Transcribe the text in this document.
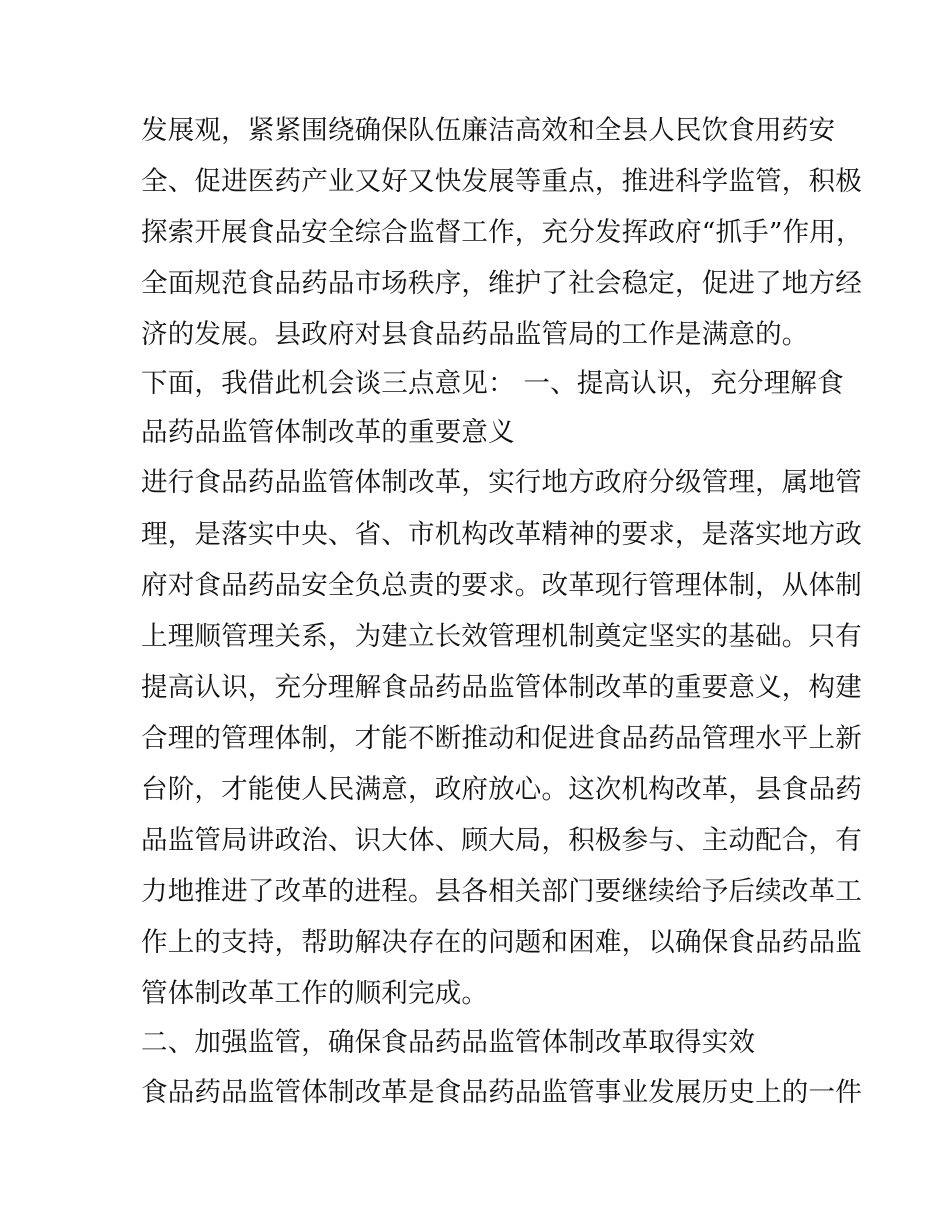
发展观，紧紧围绕确保队伍廉洁高效和全县人民饮食用药安
全、促进医药产业又好又快发展等重点，推进科学监管，积极
探索开展食品安全综合监督工作，充分发挥政府“抓手”作用，
全面规范食品药品市场秩序，维护了社会稳定，促进了地方经
济的发展。县政府对县食品药品监管局的工作是满意的。
下面，我借此机会谈三点意见： 一、提高认识，充分理解食
品药品监管体制改革的重要意义
进行食品药品监管体制改革，实行地方政府分级管理，属地管
理，是落实中央、省、市机构改革精神的要求，是落实地方政
府对食品药品安全负总责的要求。改革现行管理体制，从体制
上理顺管理关系，为建立长效管理机制奠定坚实的基础。只有
提高认识，充分理解食品药品监管体制改革的重要意义，构建
合理的管理体制，才能不断推动和促进食品药品管理水平上新
台阶，才能使人民满意，政府放心。这次机构改革，县食品药
品监管局讲政治、识大体、顾大局，积极参与、主动配合，有
力地推进了改革的进程。县各相关部门要继续给予后续改革工
作上的支持，帮助解决存在的问题和困难，以确保食品药品监
管体制改革工作的顺利完成。
二、加强监管，确保食品药品监管体制改革取得实效
食品药品监管体制改革是食品药品监管事业发展历史上的一件
